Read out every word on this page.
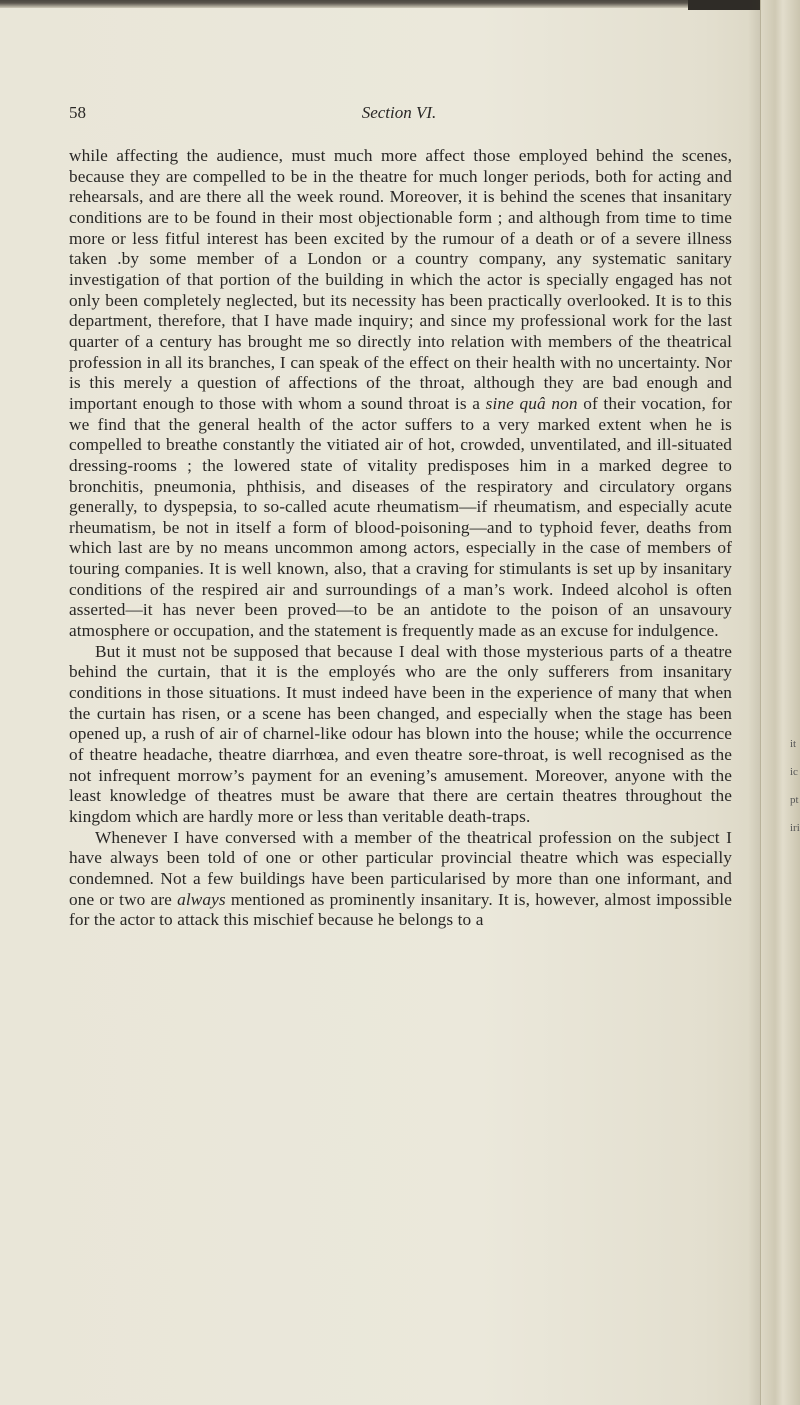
it
ic
pt
iri
58	Section VI.

while affecting the audience, must much more affect those employed behind the scenes, because they are compelled to be in the theatre for much longer periods, both for acting and rehearsals, and are there all the week round. Moreover, it is behind the scenes that insanitary conditions are to be found in their most objectionable form ; and although from time to time more or less fitful interest has been excited by the rumour of a death or of a severe illness taken .by some member of a London or a country company, any systematic sanitary investigation of that portion of the building in which the actor is specially engaged has not only been completely neglected, but its necessity has been practically overlooked. It is to this department, therefore, that I have made inquiry; and since my professional work for the last quarter of a century has brought me so directly into relation with members of the theatrical profession in all its branches, I can speak of the effect on their health with no uncertainty. Nor is this merely a question of affections of the throat, although they are bad enough and important enough to those with whom a sound throat is a sine quâ non of their vocation, for we find that the general health of the actor suffers to a very marked extent when he is compelled to breathe constantly the vitiated air of hot, crowded, unventilated, and ill-situated dressing-rooms ; the lowered state of vitality predisposes him in a marked degree to bronchitis, pneumonia, phthisis, and diseases of the respiratory and circulatory organs generally, to dyspepsia, to so-called acute rheumatism—if rheumatism, and especially acute rheumatism, be not in itself a form of blood-poisoning—and to typhoid fever, deaths from which last are by no means uncommon among actors, especially in the case of members of touring companies. It is well known, also, that a craving for stimulants is set up by insanitary conditions of the respired air and surroundings of a man’s work. Indeed alcohol is often asserted—it has never been proved—to be an antidote to the poison of an unsavoury atmosphere or occupation, and the statement is frequently made as an excuse for indulgence.

But it must not be supposed that because I deal with those mysterious parts of a theatre behind the curtain, that it is the employés who are the only sufferers from insanitary conditions in those situations. It must indeed have been in the experience of many that when the curtain has risen, or a scene has been changed, and especially when the stage has been opened up, a rush of air of charnel-like odour has blown into the house; while the occurrence of theatre headache, theatre diarrhœa, and even theatre sore-throat, is well recognised as the not infrequent morrow’s payment for an evening’s amusement. Moreover, anyone with the least knowledge of theatres must be aware that there are certain theatres throughout the kingdom which are hardly more or less than veritable death-traps.

Whenever I have conversed with a member of the theatrical profession on the subject I have always been told of one or other particular provincial theatre which was especially condemned. Not a few buildings have been particularised by more than one informant, and one or two are always mentioned as prominently insanitary. It is, however, almost impossible for the actor to attack this mischief because he belongs to a
